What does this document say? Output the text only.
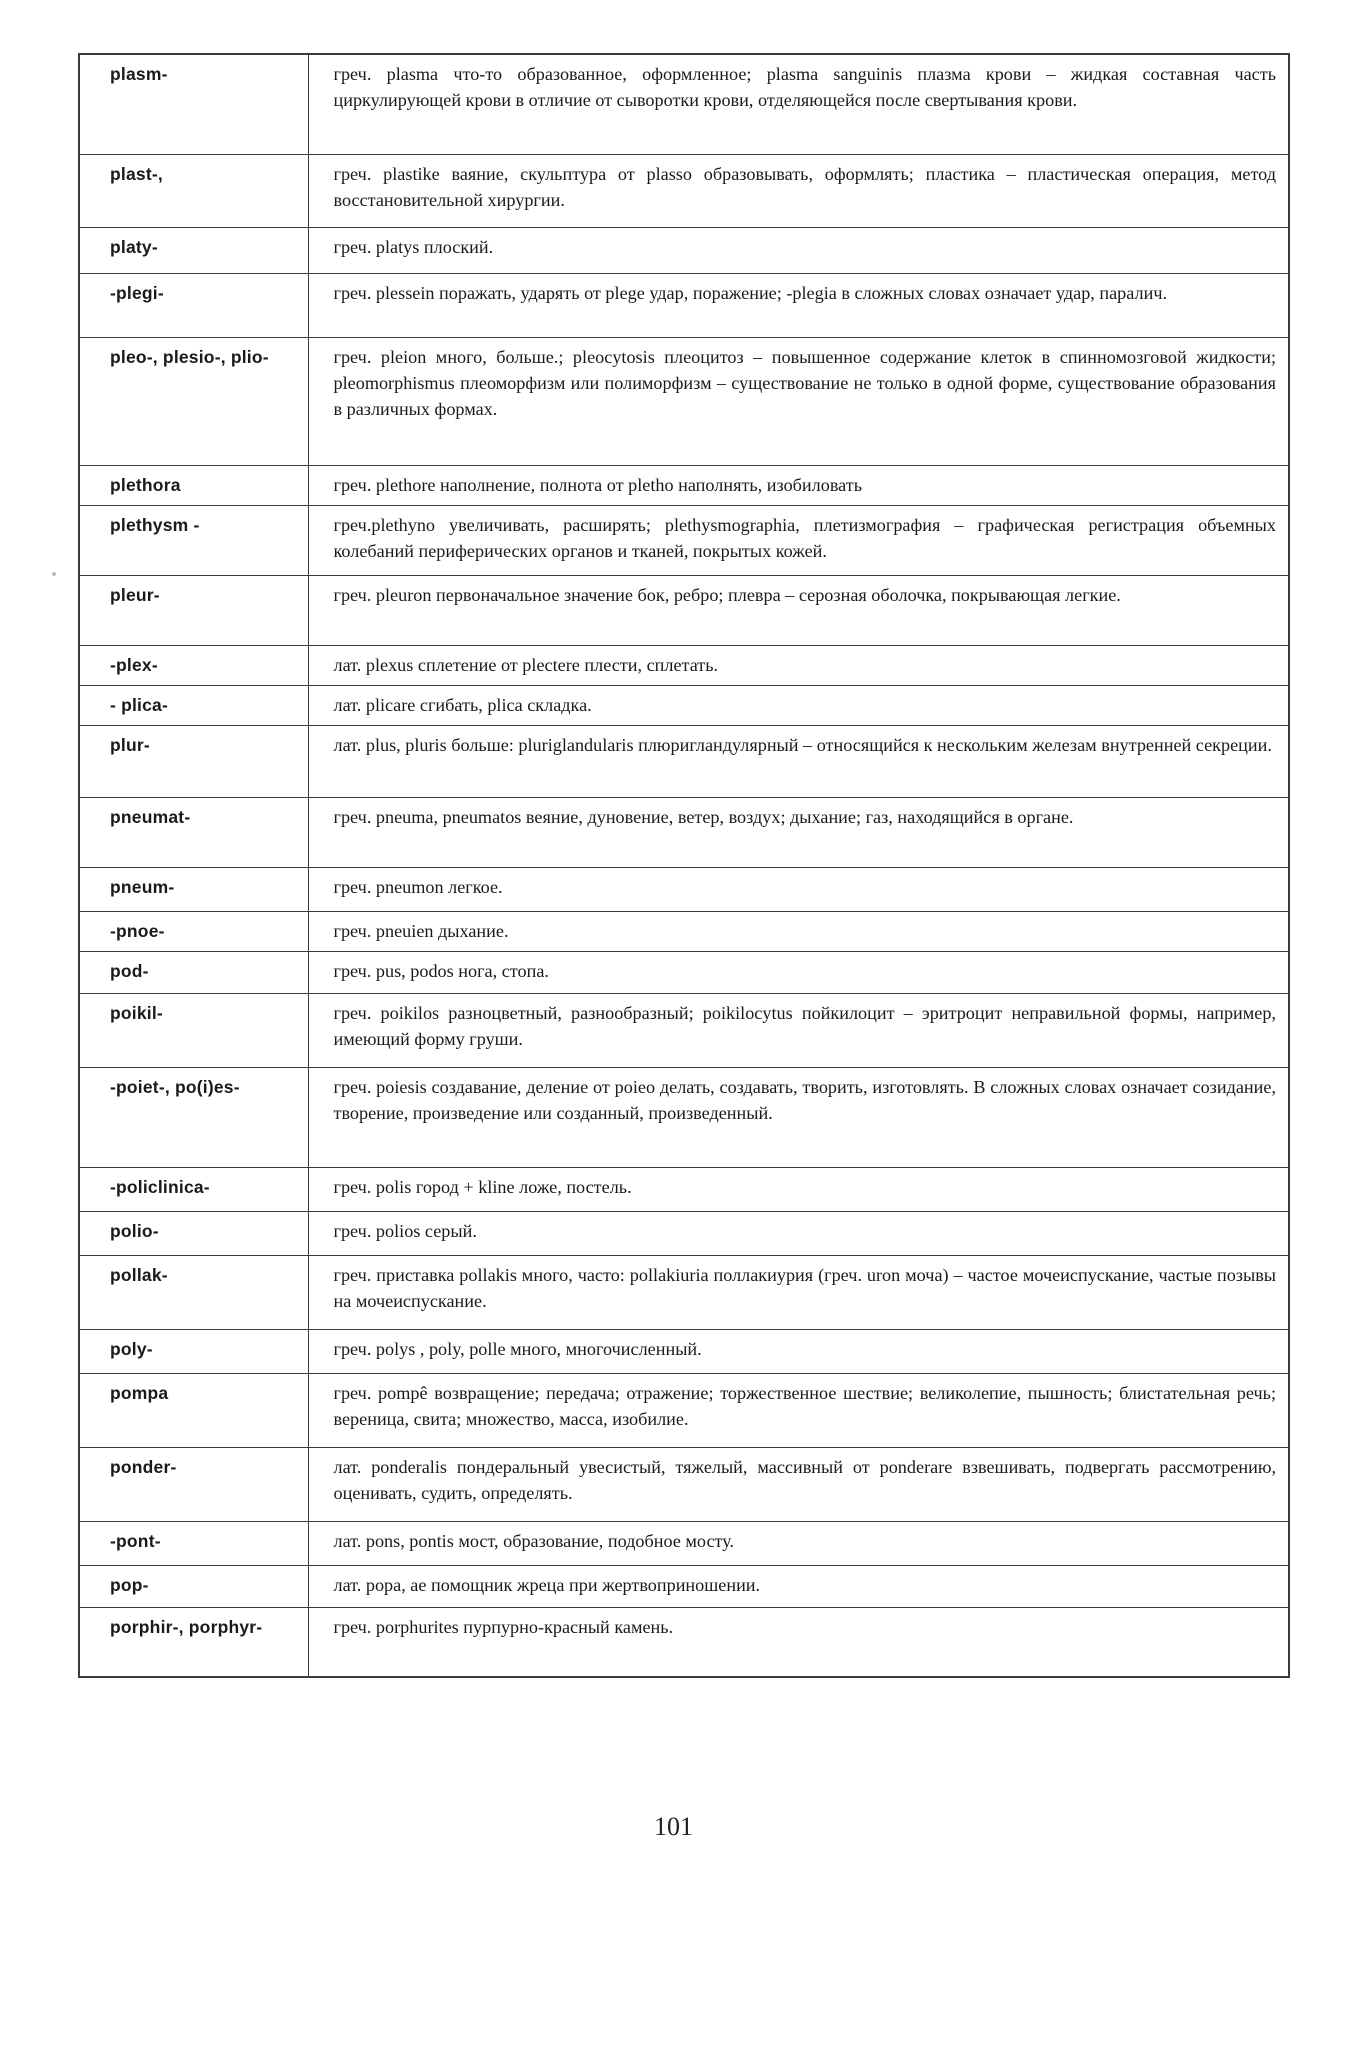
plasm-	греч. plasma что-то образованное, оформленное; plasma sanguinis плазма крови – жидкая составная часть циркулирующей крови в отличие от сыворотки крови, отделяющейся после свертывания крови.
plast-,	греч. plastike ваяние, скульптура от plasso образовывать, оформлять; пластика – пластическая операция, метод восстановительной хирургии.
platy-	греч. platys плоский.
-plegi-	греч. plessein поражать, ударять от plege удар, поражение; -plegia в сложных словах означает удар, паралич.
pleo-, plesio-, plio-	греч. pleion много, больше.; pleocytosis плеоцитоз – повышенное содержание клеток в спинномозговой жидкости; pleomorphismus плеоморфизм или полиморфизм – существование не только в одной форме, существование образования в различных формах.
plethora	греч. plethore наполнение, полнота от pletho наполнять, изобиловать
plethysm -	греч.plethyno увеличивать, расширять; plethysmographia, плетизмография – графическая регистрация объемных колебаний периферических органов и тканей, покрытых кожей.
pleur-	греч. pleuron первоначальное значение бок, ребро; плевра – серозная оболочка, покрывающая легкие.
-plex-	лат. plexus сплетение от plectere плести, сплетать.
- plica-	лат. plicare сгибать, plica складка.
plur-	лат. plus, pluris больше: pluriglandularis плюригландулярный – относящийся к нескольким железам внутренней секреции.
pneumat-	греч. pneuma, pneumatos веяние, дуновение, ветер, воздух; дыхание; газ, находящийся в органе.
pneum-	греч. pneumon легкое.
-pnoe-	греч. pneuien дыхание.
pod-	греч. pus, podos нога, стопа.
poikil-	греч. poikilos разноцветный, разнообразный; poikilocytus пойкилоцит – эритроцит неправильной формы, например, имеющий форму груши.
-poiet-, po(i)es-	греч. poiesis создавание, деление от poieo делать, создавать, творить, изготовлять. В сложных словах означает созидание, творение, произведение или созданный, произведенный.
-policlinica-	греч. polis город + kline ложе, постель.
polio-	греч. polios серый.
pollak-	греч. приставка pollakis много, часто: pollakiuria поллакиурия (греч. uron моча) – частое мочеиспускание, частые позывы на мочеиспускание.
poly-	греч. polys , poly, polle много, многочисленный.
pompa	греч. pompê возвращение; передача; отражение; торжественное шествие; великолепие, пышность; блистательная речь; вереница, свита; множество, масса, изобилие.
ponder-	лат. ponderalis пондеральный увесистый, тяжелый, массивный от ponderare взвешивать, подвергать рассмотрению, оценивать, судить, определять.
-pont-	лат. pons, pontis мост, образование, подобное мосту.
pop-	лат. popa, ae помощник жреца при жертвоприношении.
porphir-, porphyr-	греч. porphurites пурпурно-красный камень.
101
